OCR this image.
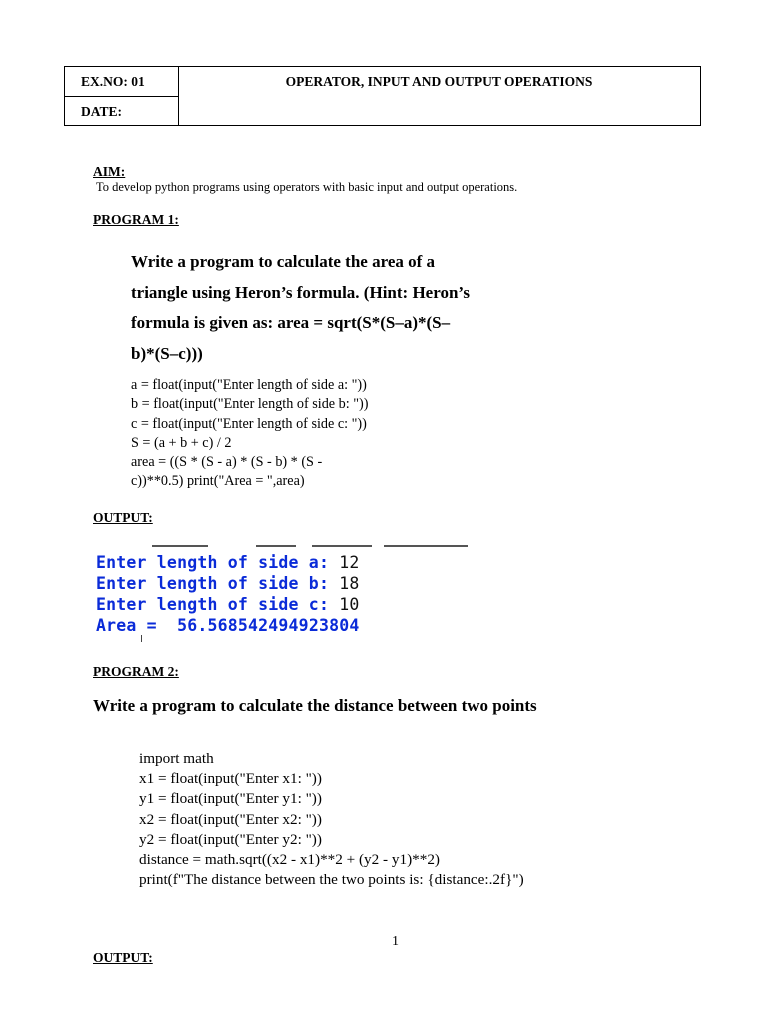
EX.NO: 01
DATE:
OPERATOR, INPUT AND OUTPUT OPERATIONS
AIM:
To develop python programs using operators with basic input and output operations.
PROGRAM 1:
Write a program to calculate the area of a
triangle using Heron’s formula. (Hint: Heron’s
formula is given as: area = sqrt(S*(S–a)*(S–
b)*(S–c)))
a = float(input("Enter length of side a: "))
b = float(input("Enter length of side b: "))
c = float(input("Enter length of side c: "))
S = (a + b + c) / 2
area = ((S * (S - a) * (S - b) * (S -
c))**0.5) print("Area = ",area)
OUTPUT:
Enter length of side a: 12
Enter length of side b: 18
Enter length of side c: 10
Area =  56.568542494923804
PROGRAM 2:
Write a program to calculate the distance between two points
import math
x1 = float(input("Enter x1: "))
y1 = float(input("Enter y1: "))
x2 = float(input("Enter x2: "))
y2 = float(input("Enter y2: "))
distance = math.sqrt((x2 - x1)**2 + (y2 - y1)**2)
print(f"The distance between the two points is: {distance:.2f}")
1
OUTPUT:
